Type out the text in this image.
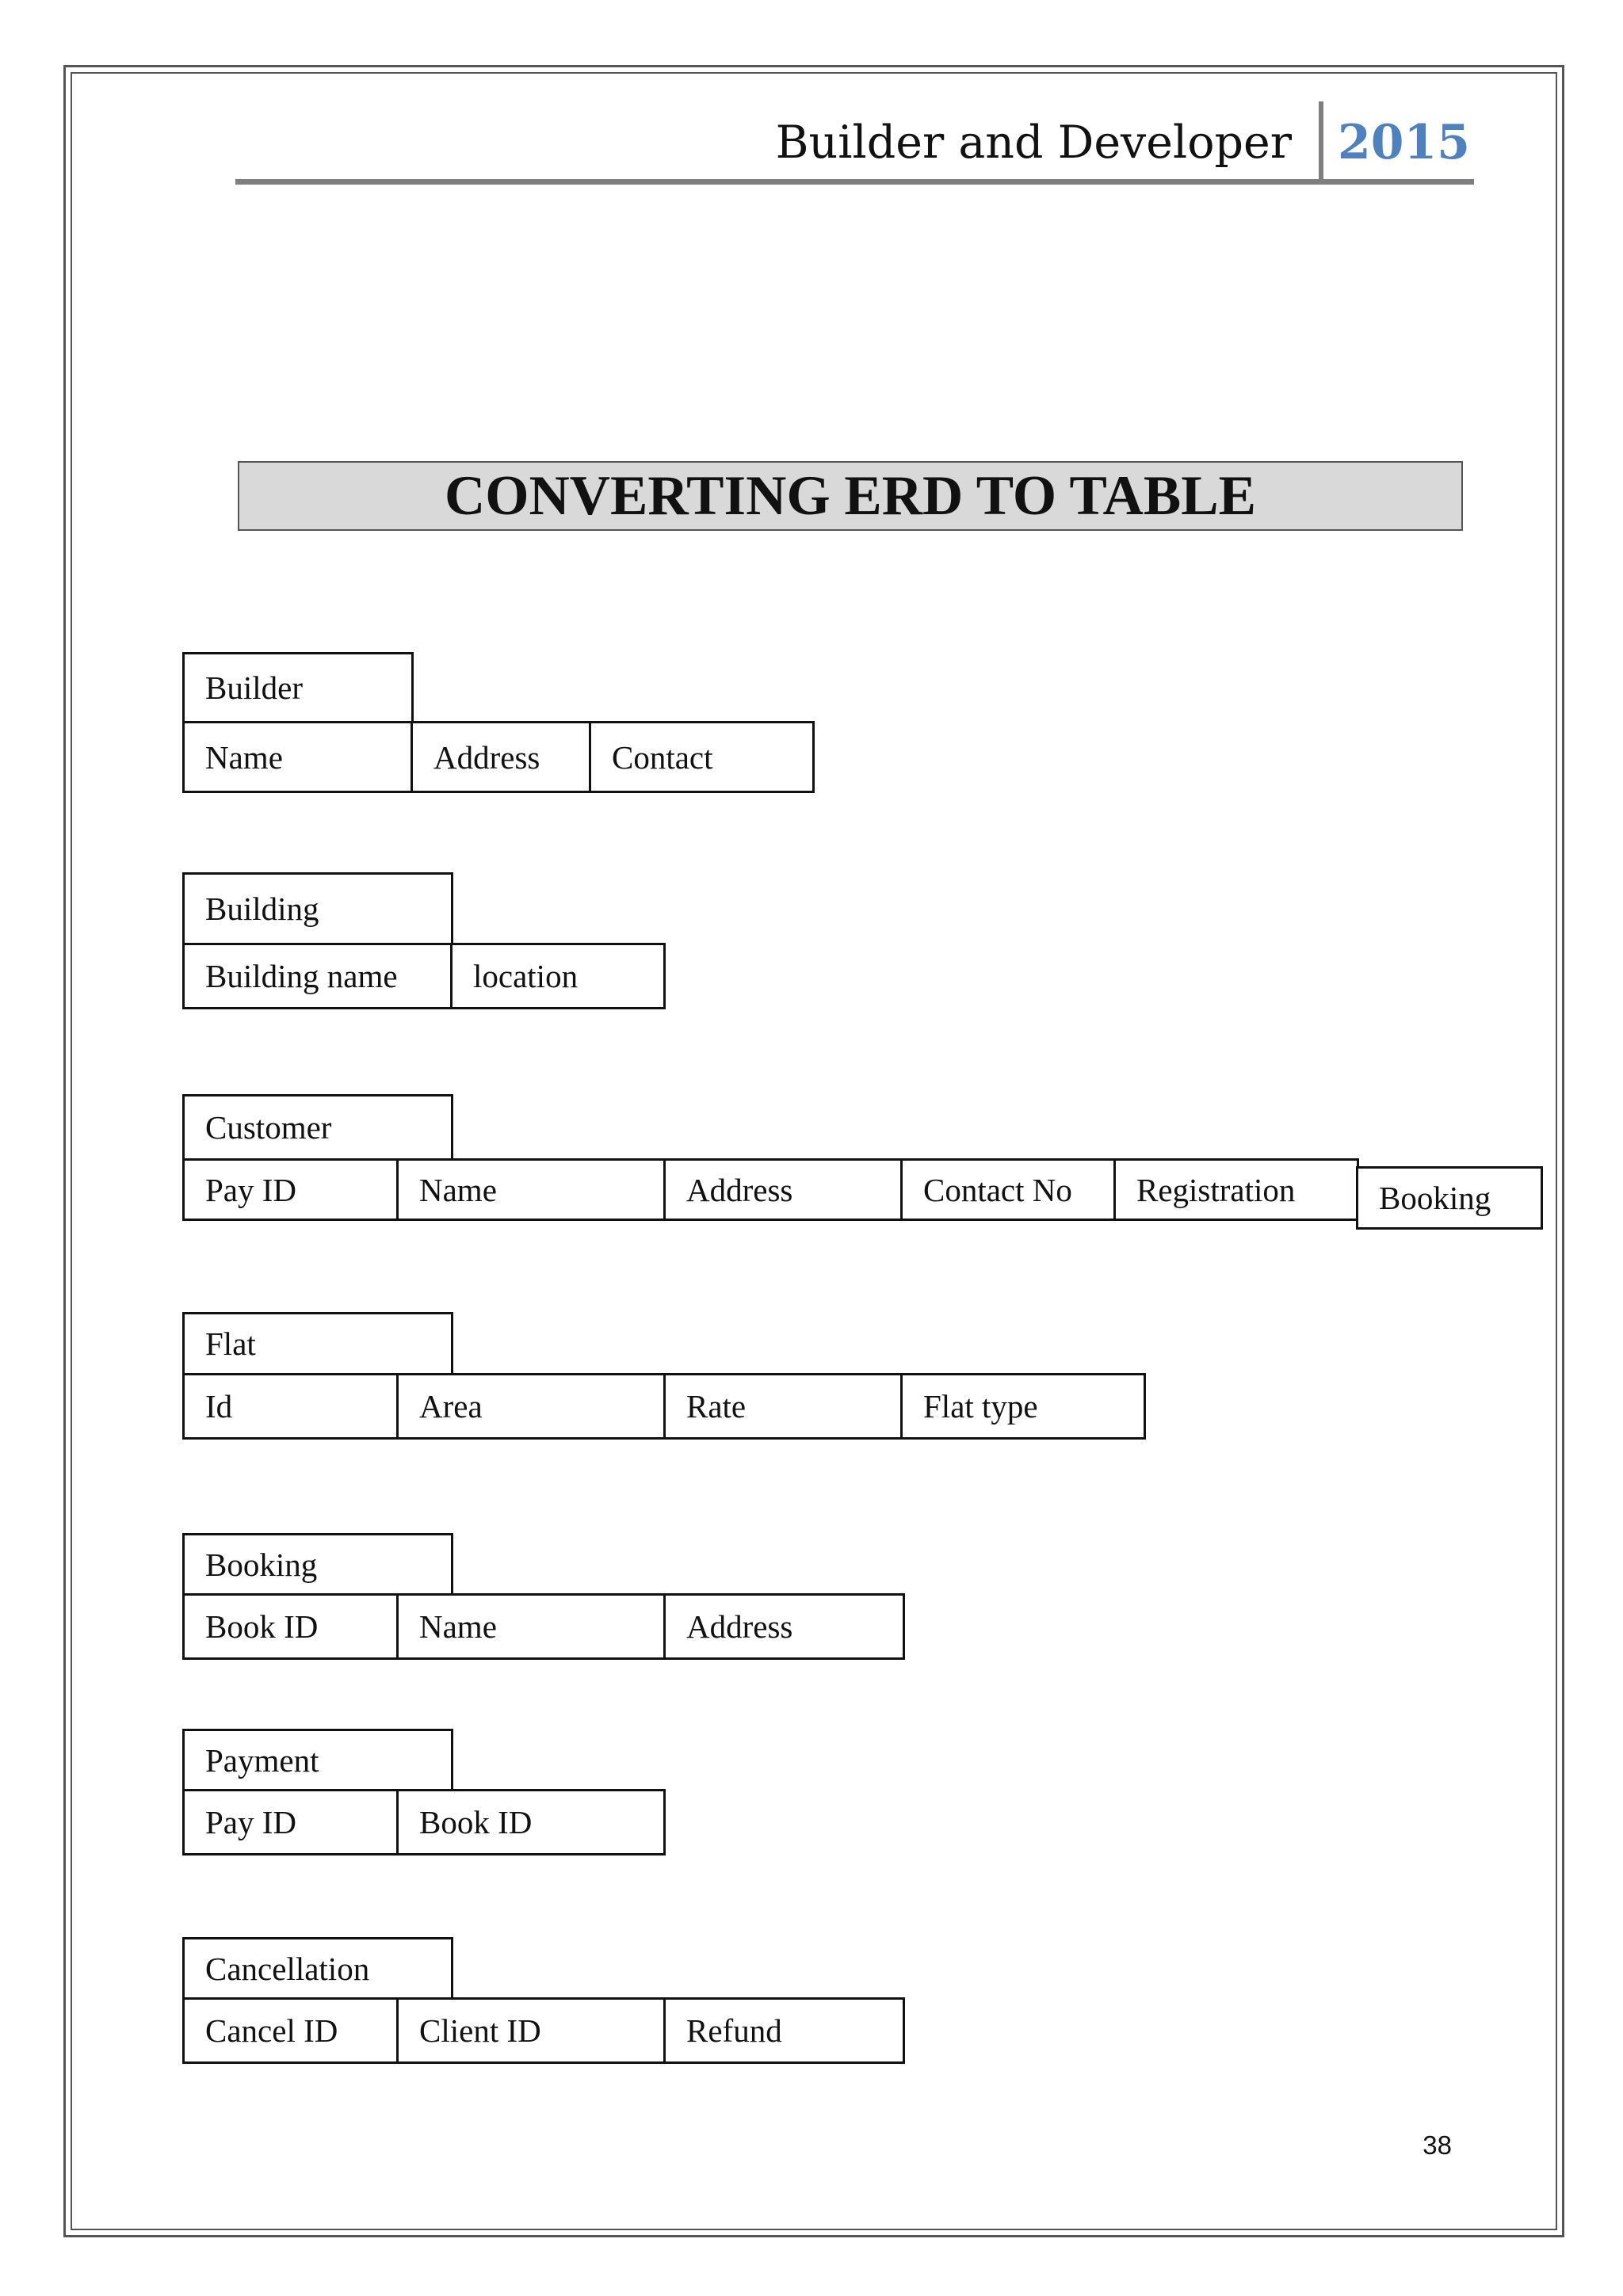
Builder and Developer 2015
CONVERTING ERD TO TABLE
Builder
Name	Address	Contact
Building
Building name	location
Customer
Pay ID	Name	Address	Contact No	Registration	Booking
Flat
Id	Area	Rate	Flat type
Booking
Book ID	Name	Address
Payment
Pay ID	Book ID
Cancellation
Cancel ID	Client ID	Refund
38
